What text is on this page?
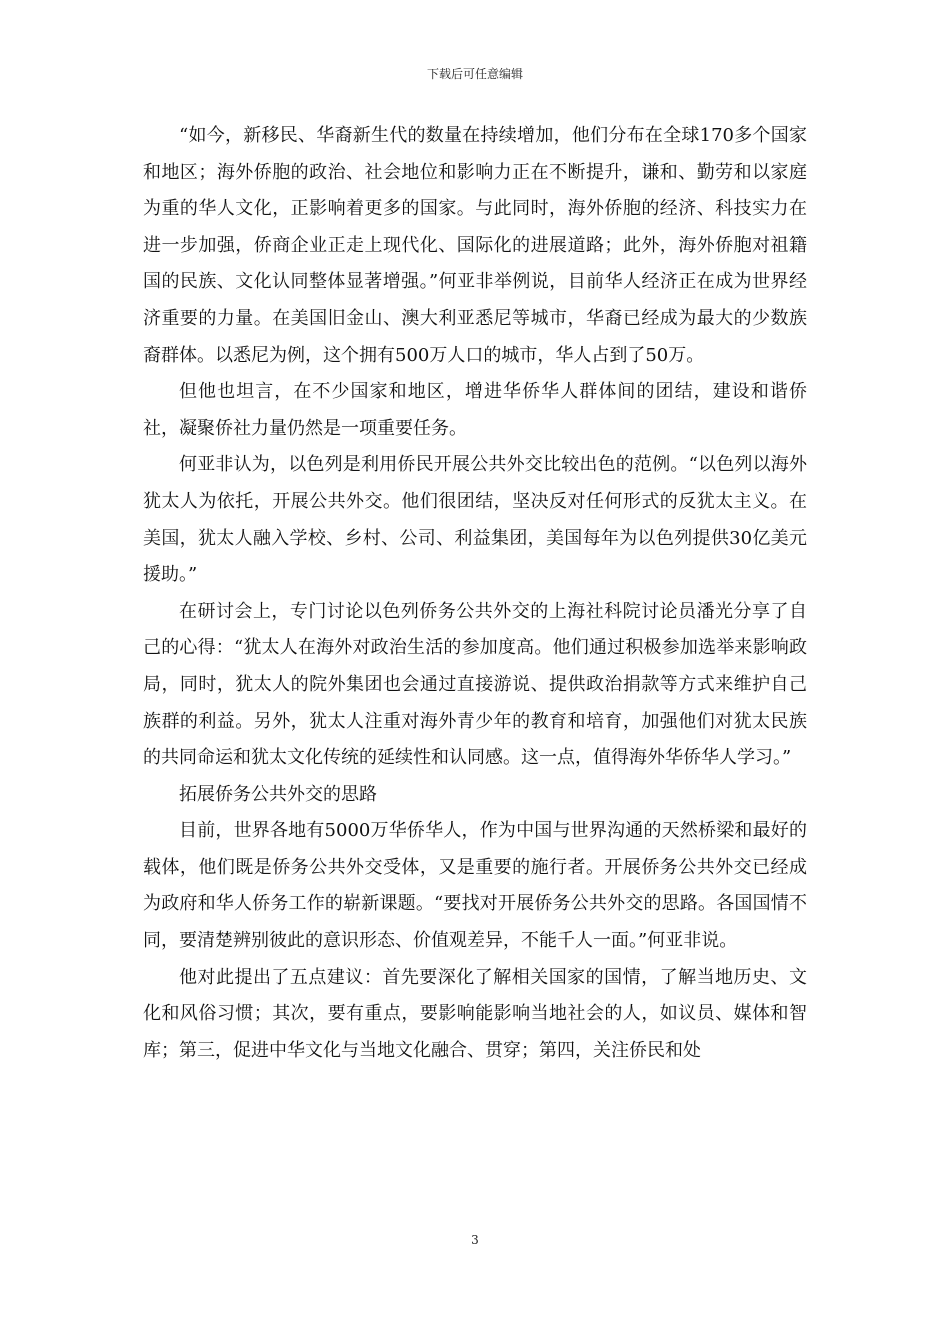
下载后可任意编辑

“如今，新移民、华裔新生代的数量在持续增加，他们分布在全球170多个国家和地区；海外侨胞的政治、社会地位和影响力正在不断提升，谦和、勤劳和以家庭为重的华人文化，正影响着更多的国家。与此同时，海外侨胞的经济、科技实力在进一步加强，侨商企业正走上现代化、国际化的进展道路；此外，海外侨胞对祖籍国的民族、文化认同整体显著增强。”何亚非举例说，目前华人经济正在成为世界经济重要的力量。在美国旧金山、澳大利亚悉尼等城市，华裔已经成为最大的少数族裔群体。以悉尼为例，这个拥有500万人口的城市，华人占到了50万。

但他也坦言，在不少国家和地区，增进华侨华人群体间的团结，建设和谐侨社，凝聚侨社力量仍然是一项重要任务。

何亚非认为，以色列是利用侨民开展公共外交比较出色的范例。“以色列以海外犹太人为依托，开展公共外交。他们很团结，坚决反对任何形式的反犹太主义。在美国，犹太人融入学校、乡村、公司、利益集团，美国每年为以色列提供30亿美元援助。”

在研讨会上，专门讨论以色列侨务公共外交的上海社科院讨论员潘光分享了自己的心得：“犹太人在海外对政治生活的参加度高。他们通过积极参加选举来影响政局，同时，犹太人的院外集团也会通过直接游说、提供政治捐款等方式来维护自己族群的利益。另外，犹太人注重对海外青少年的教育和培育，加强他们对犹太民族的共同命运和犹太文化传统的延续性和认同感。这一点，值得海外华侨华人学习。”

拓展侨务公共外交的思路

目前，世界各地有5000万华侨华人，作为中国与世界沟通的天然桥梁和最好的载体，他们既是侨务公共外交受体，又是重要的施行者。开展侨务公共外交已经成为政府和华人侨务工作的崭新课题。“要找对开展侨务公共外交的思路。各国国情不同，要清楚辨别彼此的意识形态、价值观差异，不能千人一面。”何亚非说。

他对此提出了五点建议：首先要深化了解相关国家的国情，了解当地历史、文化和风俗习惯；其次，要有重点，要影响能影响当地社会的人，如议员、媒体和智库；第三，促进中华文化与当地文化融合、贯穿；第四，关注侨民和处

3
